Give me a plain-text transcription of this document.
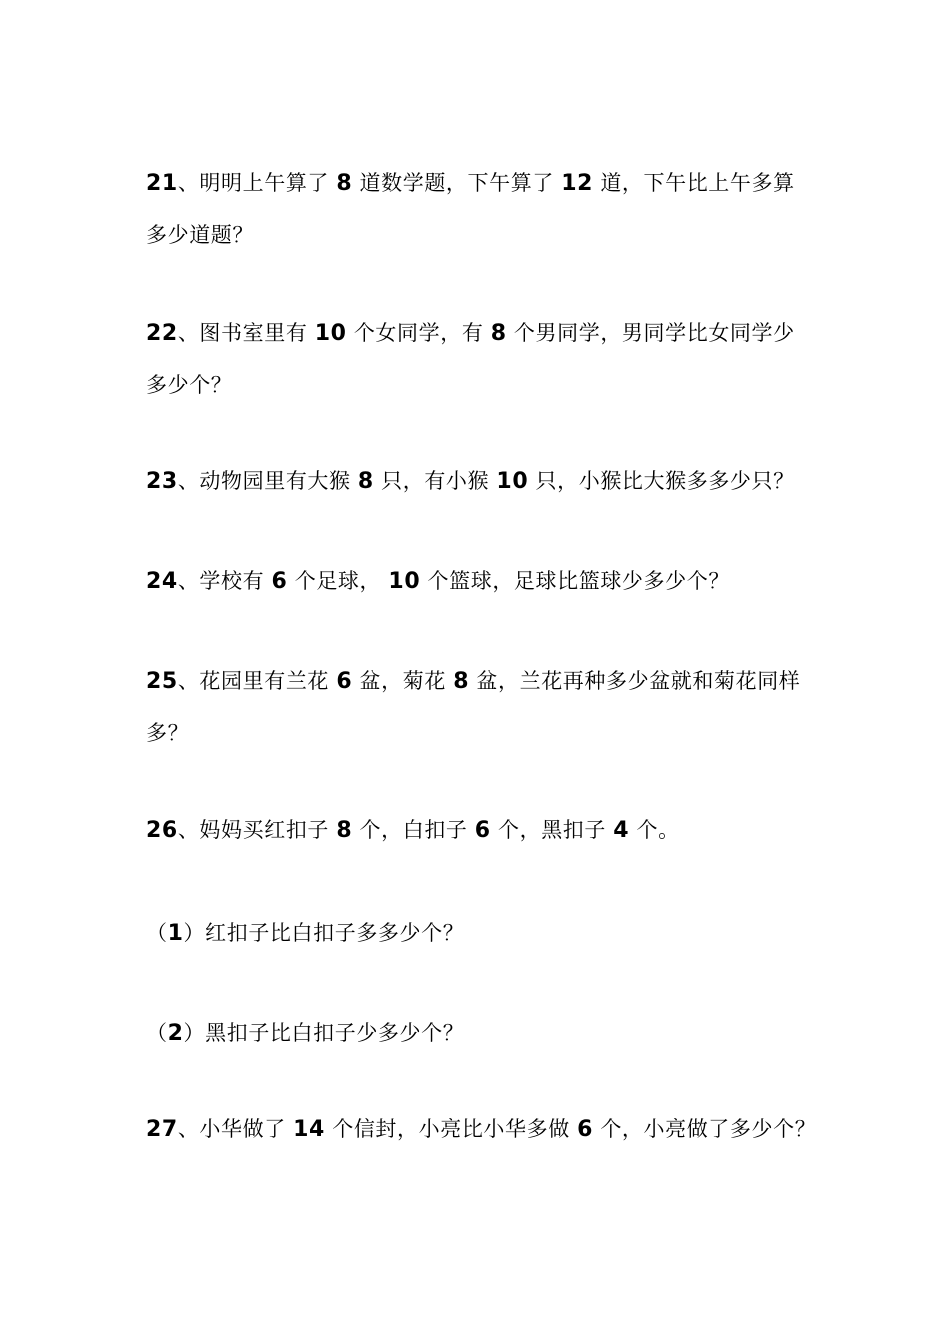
21、明明上午算了 8 道数学题，下午算了 12 道，下午比上午多算
多少道题？
22、图书室里有 10 个女同学，有 8 个男同学，男同学比女同学少
多少个？
23、动物园里有大猴 8 只，有小猴 10 只，小猴比大猴多多少只？
24、学校有 6 个足球， 10 个篮球，足球比篮球少多少个？
25、花园里有兰花 6 盆，菊花 8 盆，兰花再种多少盆就和菊花同样
多？
26、妈妈买红扣子 8 个，白扣子 6 个，黑扣子 4 个。
（1）红扣子比白扣子多多少个？
（2）黑扣子比白扣子少多少个？
27、小华做了 14 个信封，小亮比小华多做 6 个，小亮做了多少个？
